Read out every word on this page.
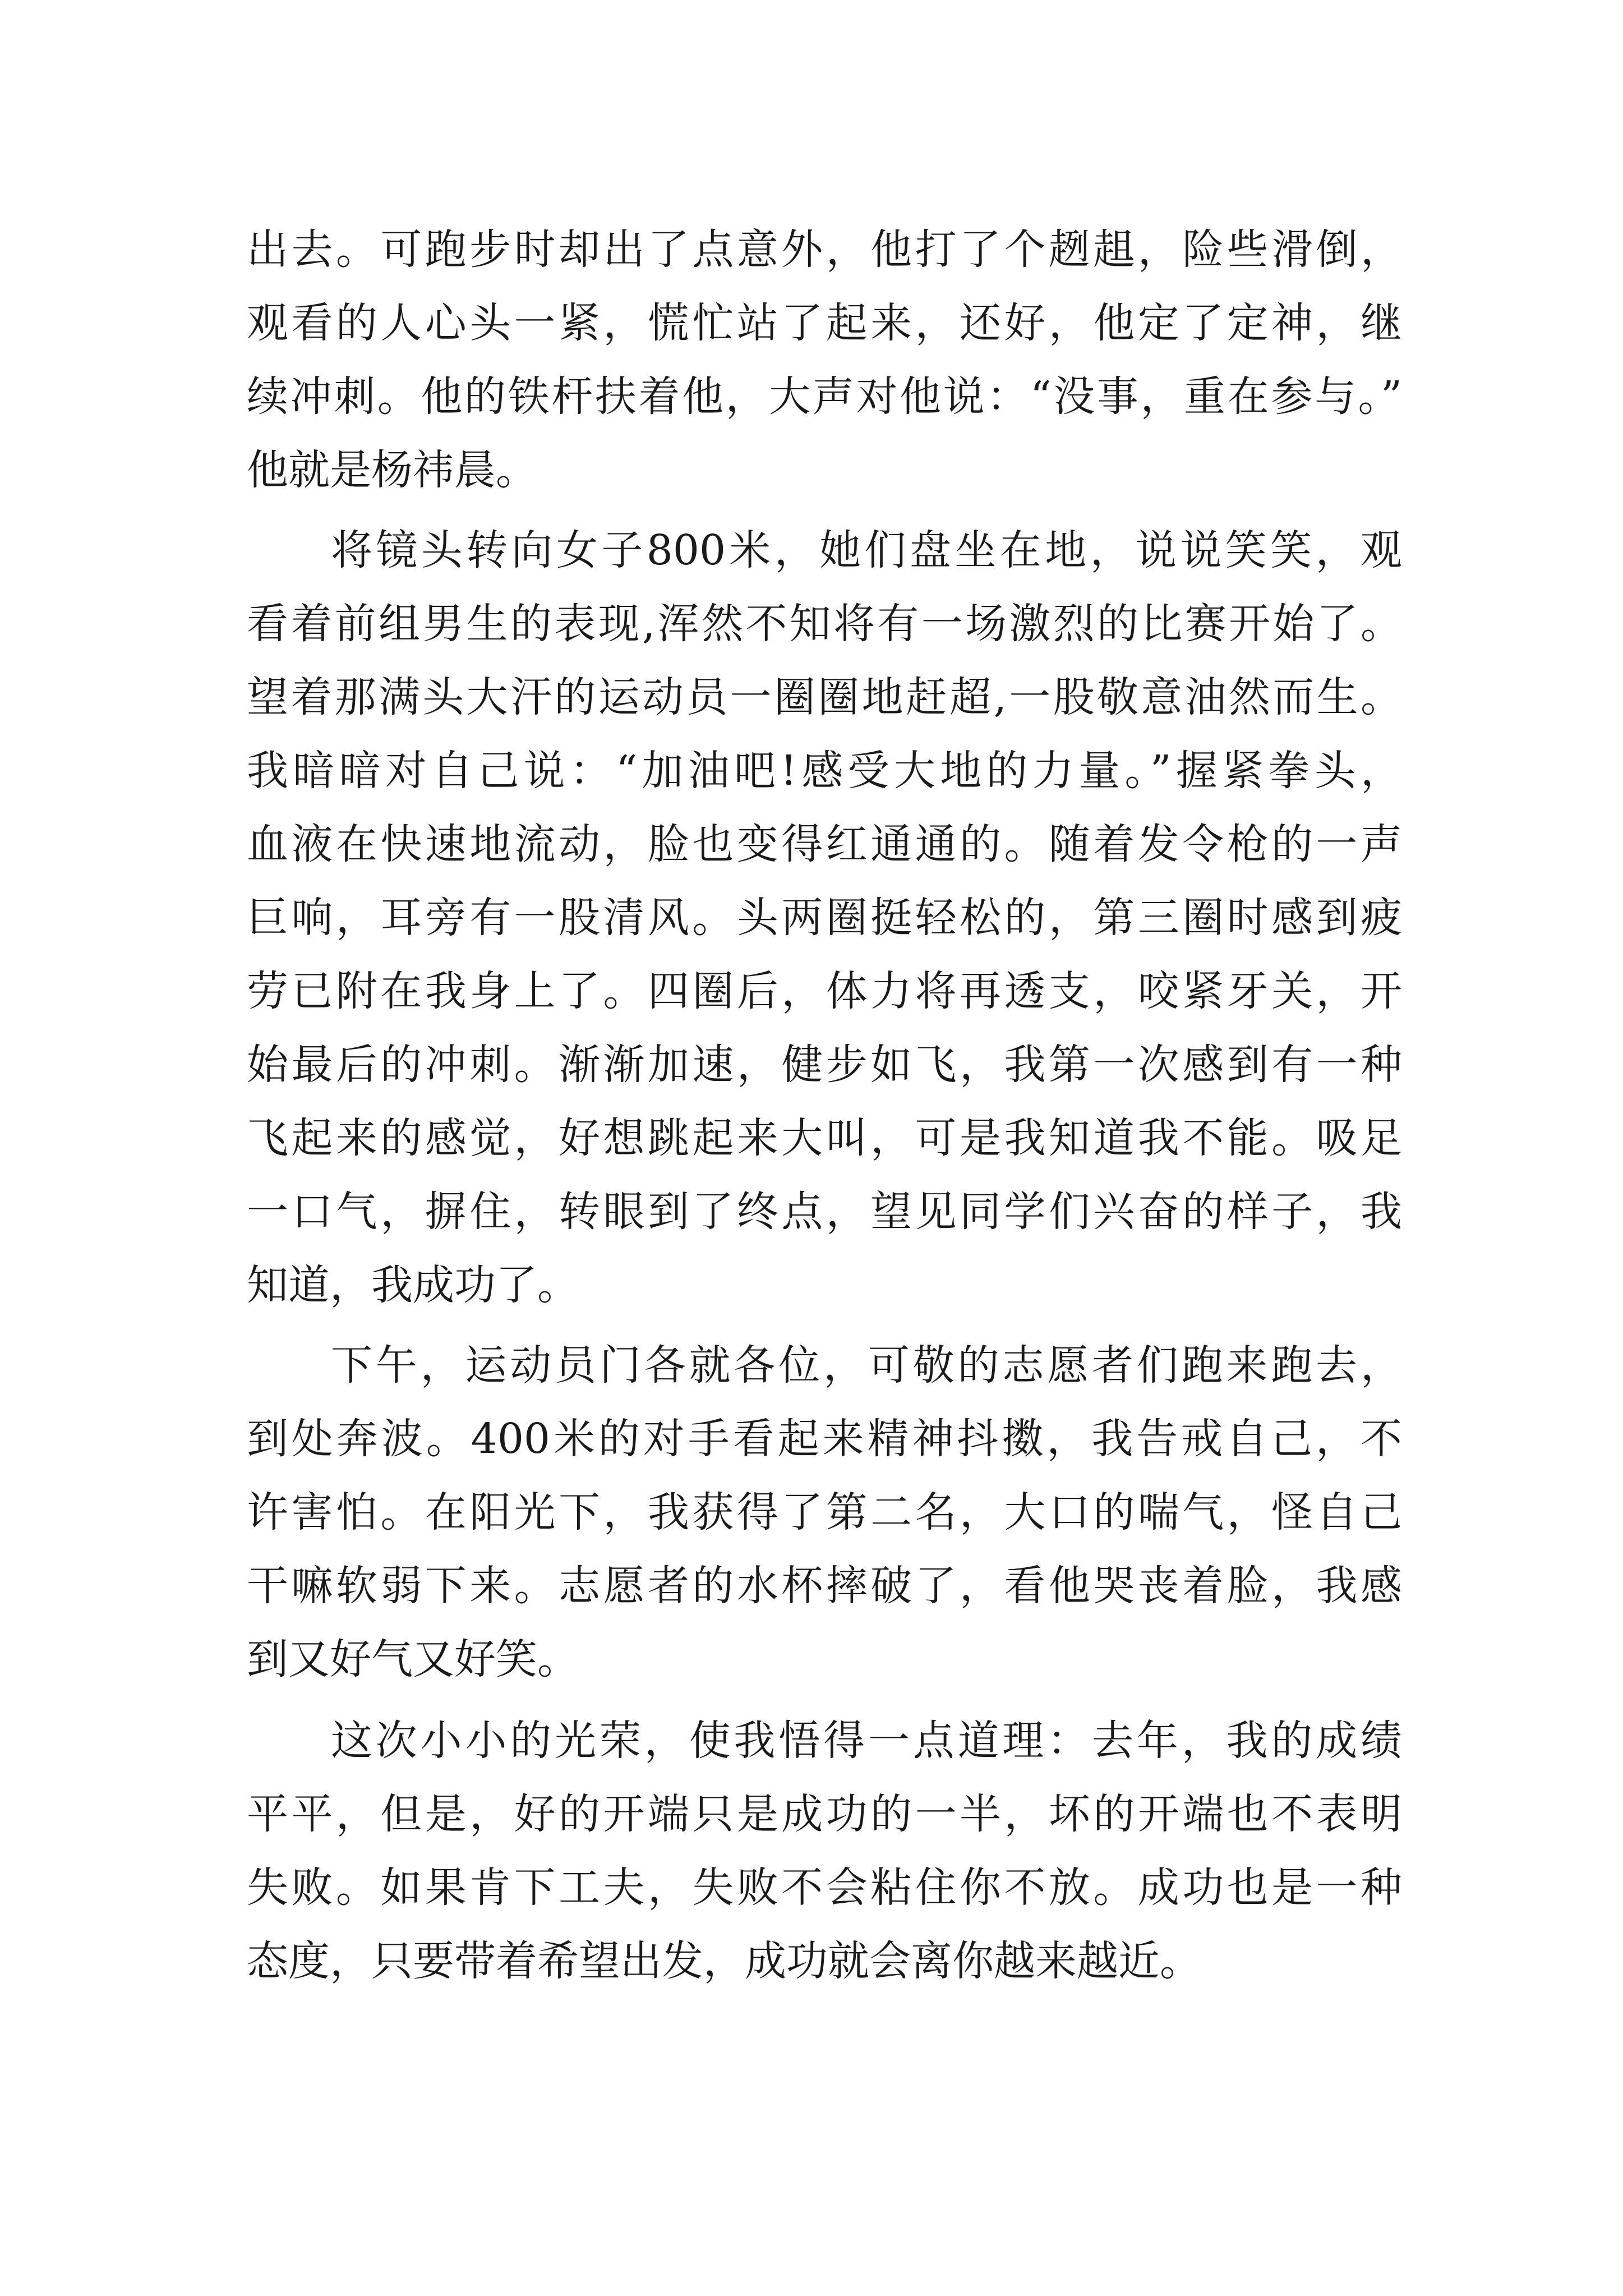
出去。可跑步时却出了点意外，他打了个趔趄，险些滑倒，
观看的人心头一紧，慌忙站了起来，还好，他定了定神，继
续冲刺。他的铁杆扶着他，大声对他说：“没事，重在参与。”
他就是杨祎晨。
将镜头转向女子800米，她们盘坐在地，说说笑笑，观
看着前组男生的表现,浑然不知将有一场激烈的比赛开始了。
望着那满头大汗的运动员一圈圈地赶超,一股敬意油然而生。
我暗暗对自己说：“加油吧!感受大地的力量。”握紧拳头，
血液在快速地流动，脸也变得红通通的。随着发令枪的一声
巨响，耳旁有一股清风。头两圈挺轻松的，第三圈时感到疲
劳已附在我身上了。四圈后，体力将再透支，咬紧牙关，开
始最后的冲刺。渐渐加速，健步如飞，我第一次感到有一种
飞起来的感觉，好想跳起来大叫，可是我知道我不能。吸足
一口气，摒住，转眼到了终点，望见同学们兴奋的样子，我
知道，我成功了。
下午，运动员门各就各位，可敬的志愿者们跑来跑去，
到处奔波。400米的对手看起来精神抖擞，我告戒自己，不
许害怕。在阳光下，我获得了第二名，大口的喘气，怪自己
干嘛软弱下来。志愿者的水杯摔破了，看他哭丧着脸，我感
到又好气又好笑。
这次小小的光荣，使我悟得一点道理：去年，我的成绩
平平，但是，好的开端只是成功的一半，坏的开端也不表明
失败。如果肯下工夫，失败不会粘住你不放。成功也是一种
态度，只要带着希望出发，成功就会离你越来越近。
